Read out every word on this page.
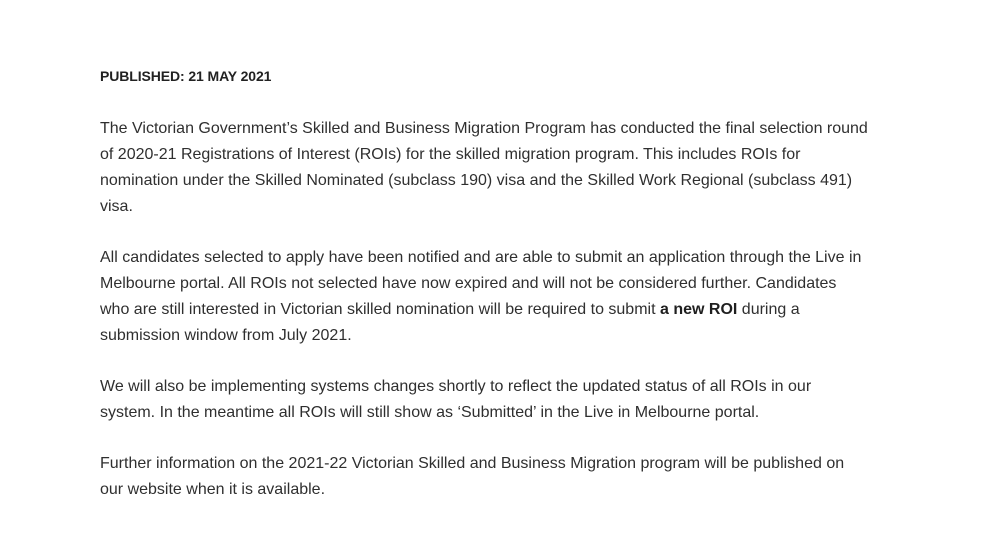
PUBLISHED: 21 MAY 2021

The Victorian Government’s Skilled and Business Migration Program has conducted the final selection round of 2020-21 Registrations of Interest (ROIs) for the skilled migration program. This includes ROIs for nomination under the Skilled Nominated (subclass 190) visa and the Skilled Work Regional (subclass 491) visa.

All candidates selected to apply have been notified and are able to submit an application through the Live in Melbourne portal. All ROIs not selected have now expired and will not be considered further. Candidates who are still interested in Victorian skilled nomination will be required to submit a new ROI during a submission window from July 2021.

We will also be implementing systems changes shortly to reflect the updated status of all ROIs in our system. In the meantime all ROIs will still show as ‘Submitted’ in the Live in Melbourne portal.

Further information on the 2021-22 Victorian Skilled and Business Migration program will be published on our website when it is available.
